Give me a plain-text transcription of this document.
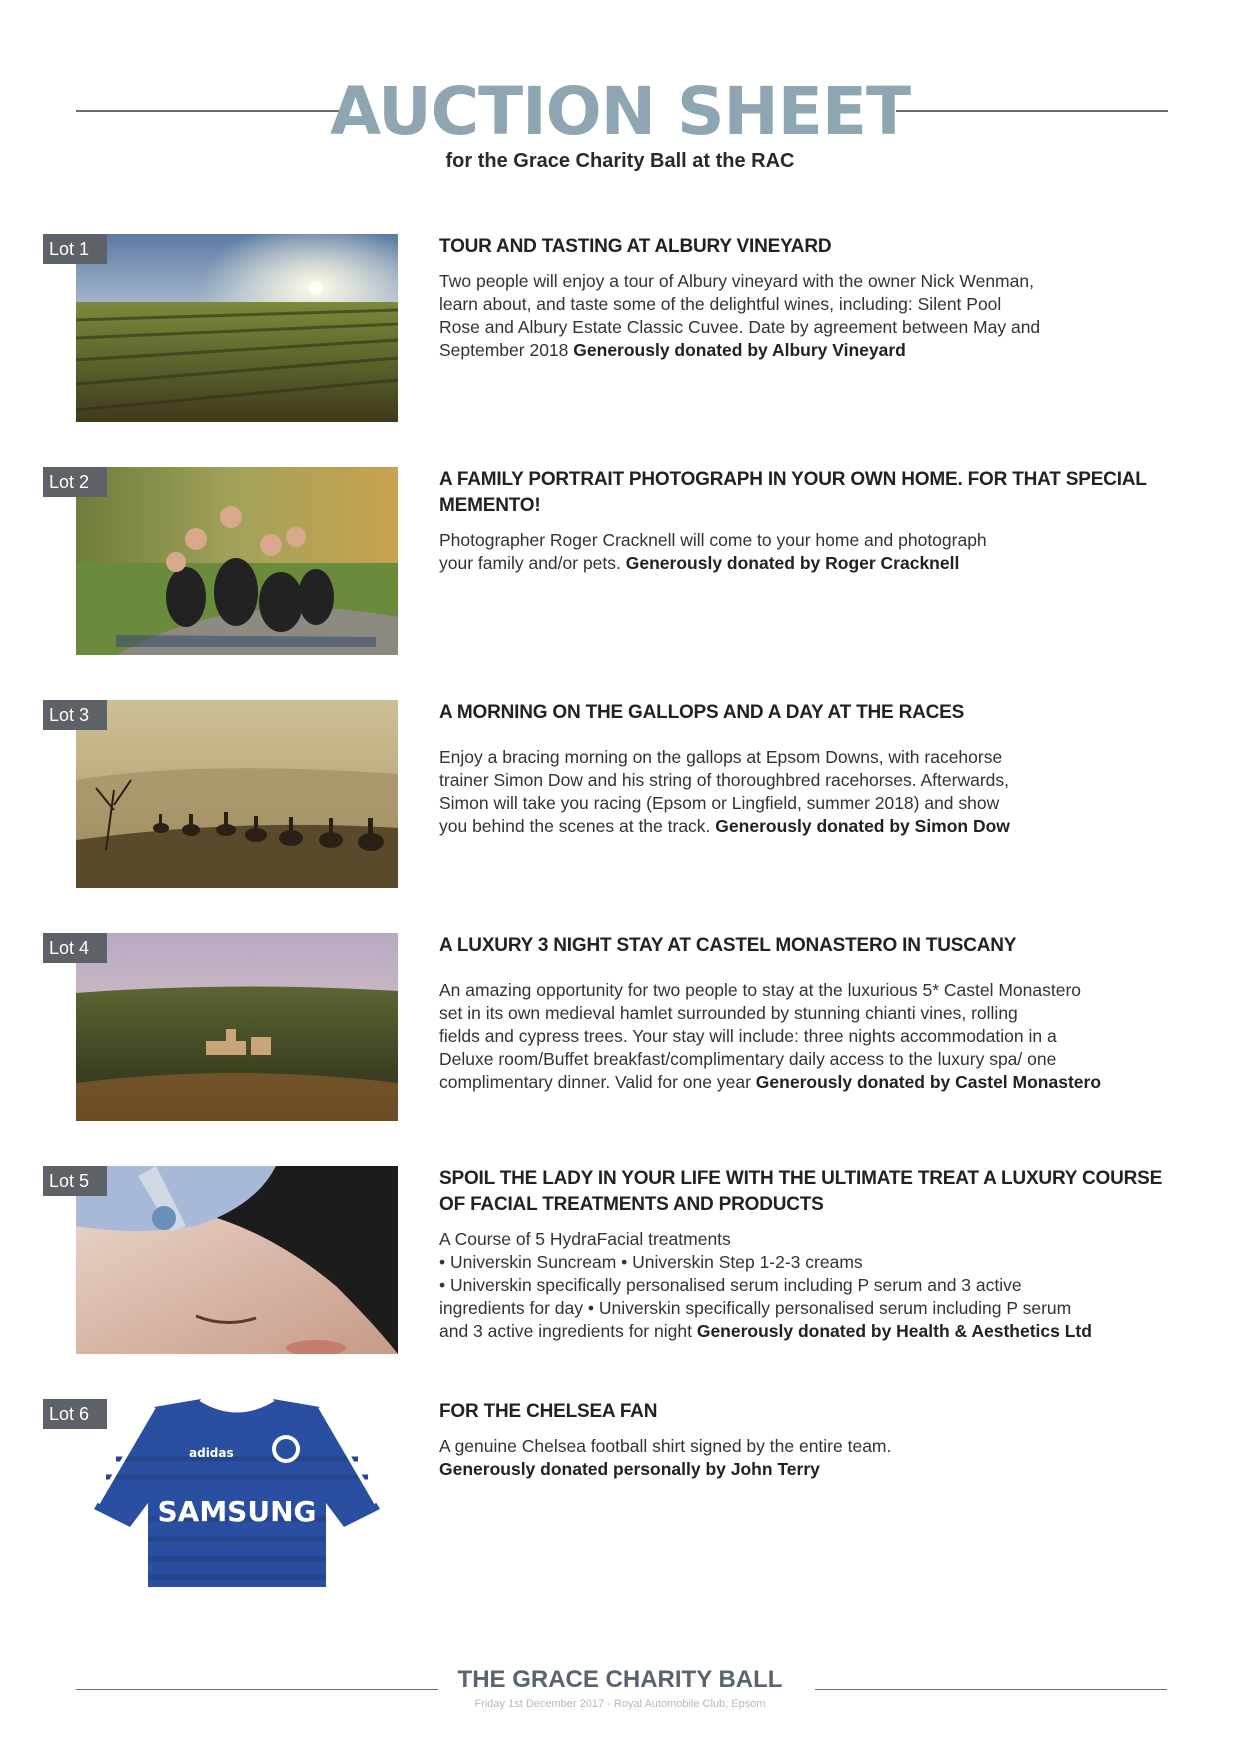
AUCTION SHEET
for the Grace Charity Ball at the RAC
Lot 1	TOUR AND TASTING AT ALBURY VINEYARD

Two people will enjoy a tour of Albury vineyard with the owner Nick Wenman,
learn about, and taste some of the delightful wines, including: Silent Pool
Rose and Albury Estate Classic Cuvee. Date by agreement between May and
September 2018 Generously donated by Albury Vineyard

Lot 2	A FAMILY PORTRAIT PHOTOGRAPH IN YOUR OWN HOME. FOR THAT SPECIAL MEMENTO!

Photographer Roger Cracknell will come to your home and photograph
your family and/or pets. Generously donated by Roger Cracknell

Lot 3	A MORNING ON THE GALLOPS AND A DAY AT THE RACES

Enjoy a bracing morning on the gallops at Epsom Downs, with racehorse
trainer Simon Dow and his string of thoroughbred racehorses. Afterwards,
Simon will take you racing (Epsom or Lingfield, summer 2018) and show
you behind the scenes at the track. Generously donated by Simon Dow

Lot 4	A LUXURY 3 NIGHT STAY AT CASTEL MONASTERO IN TUSCANY

An amazing opportunity for two people to stay at the luxurious 5* Castel Monastero
set in its own medieval hamlet surrounded by stunning chianti vines, rolling
fields and cypress trees. Your stay will include: three nights accommodation in a
Deluxe room/Buffet breakfast/complimentary daily access to the luxury spa/ one
complimentary dinner. Valid for one year Generously donated by Castel Monastero

Lot 5	SPOIL THE LADY IN YOUR LIFE WITH THE ULTIMATE TREAT A LUXURY COURSE OF FACIAL TREATMENTS AND PRODUCTS

A Course of 5 HydraFacial treatments
• Universkin Suncream • Universkin Step 1-2-3 creams
• Universkin specifically personalised serum including P serum and 3 active
ingredients for day • Universkin specifically personalised serum including P serum
and 3 active ingredients for night Generously donated by Health & Aesthetics Ltd

Lot 6
adidas
SAMSUNG

FOR THE CHELSEA FAN

A genuine Chelsea football shirt signed by the entire team.
Generously donated personally by John Terry

THE GRACE CHARITY BALL
Friday 1st December 2017 - Royal Automobile Club, Epsom
